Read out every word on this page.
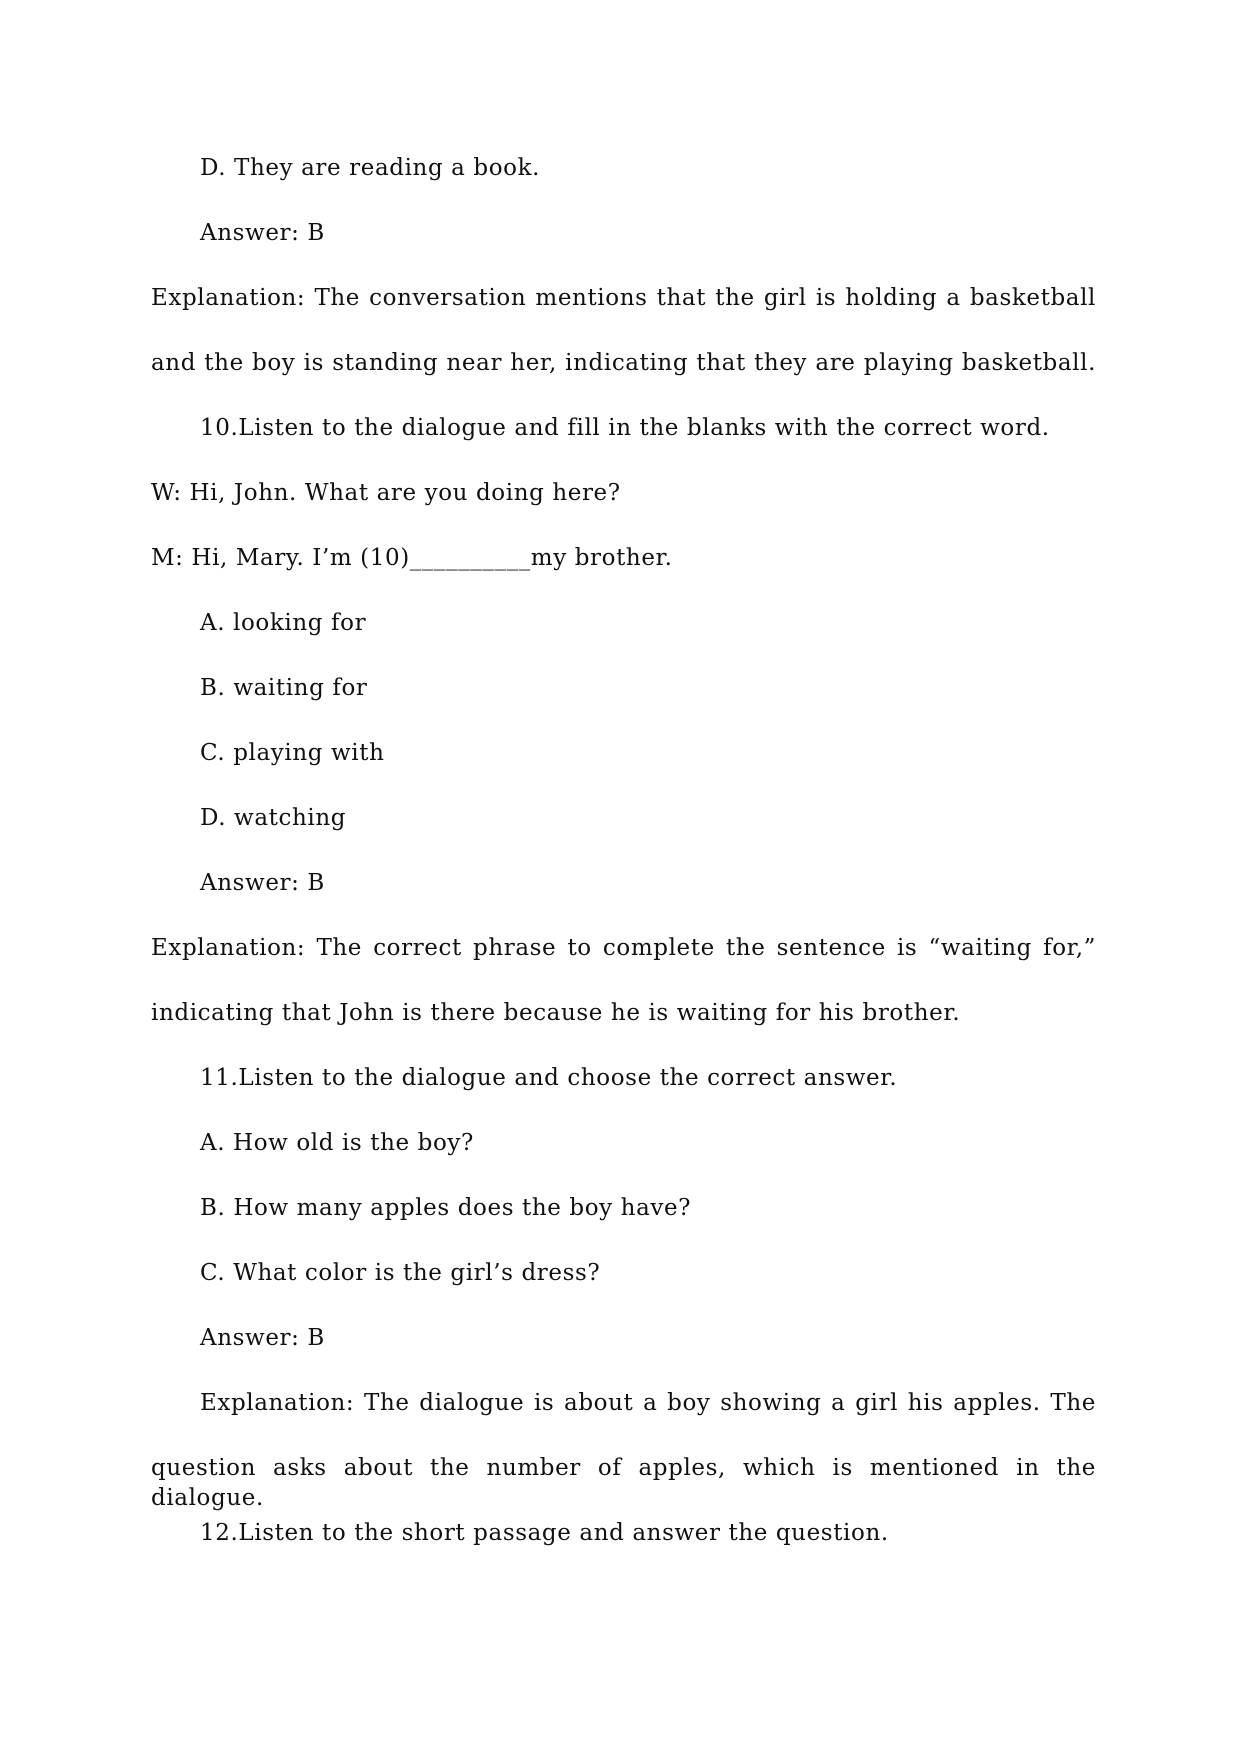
D. They are reading a book.
Answer: B
Explanation: The conversation mentions that the girl is holding a basketball
and the boy is standing near her, indicating that they are playing basketball.
10.Listen to the dialogue and fill in the blanks with the correct word.
W: Hi, John. What are you doing here?
M: Hi, Mary. I’m (10)__________my brother.
A. looking for
B. waiting for
C. playing with
D. watching
Answer: B
Explanation: The correct phrase to complete the sentence is “waiting for,”
indicating that John is there because he is waiting for his brother.
11.Listen to the dialogue and choose the correct answer.
A. How old is the boy?
B. How many apples does the boy have?
C. What color is the girl’s dress?
Answer: B
Explanation: The dialogue is about a boy showing a girl his apples. The
question asks about the number of apples, which is mentioned in the dialogue.
12.Listen to the short passage and answer the question.
